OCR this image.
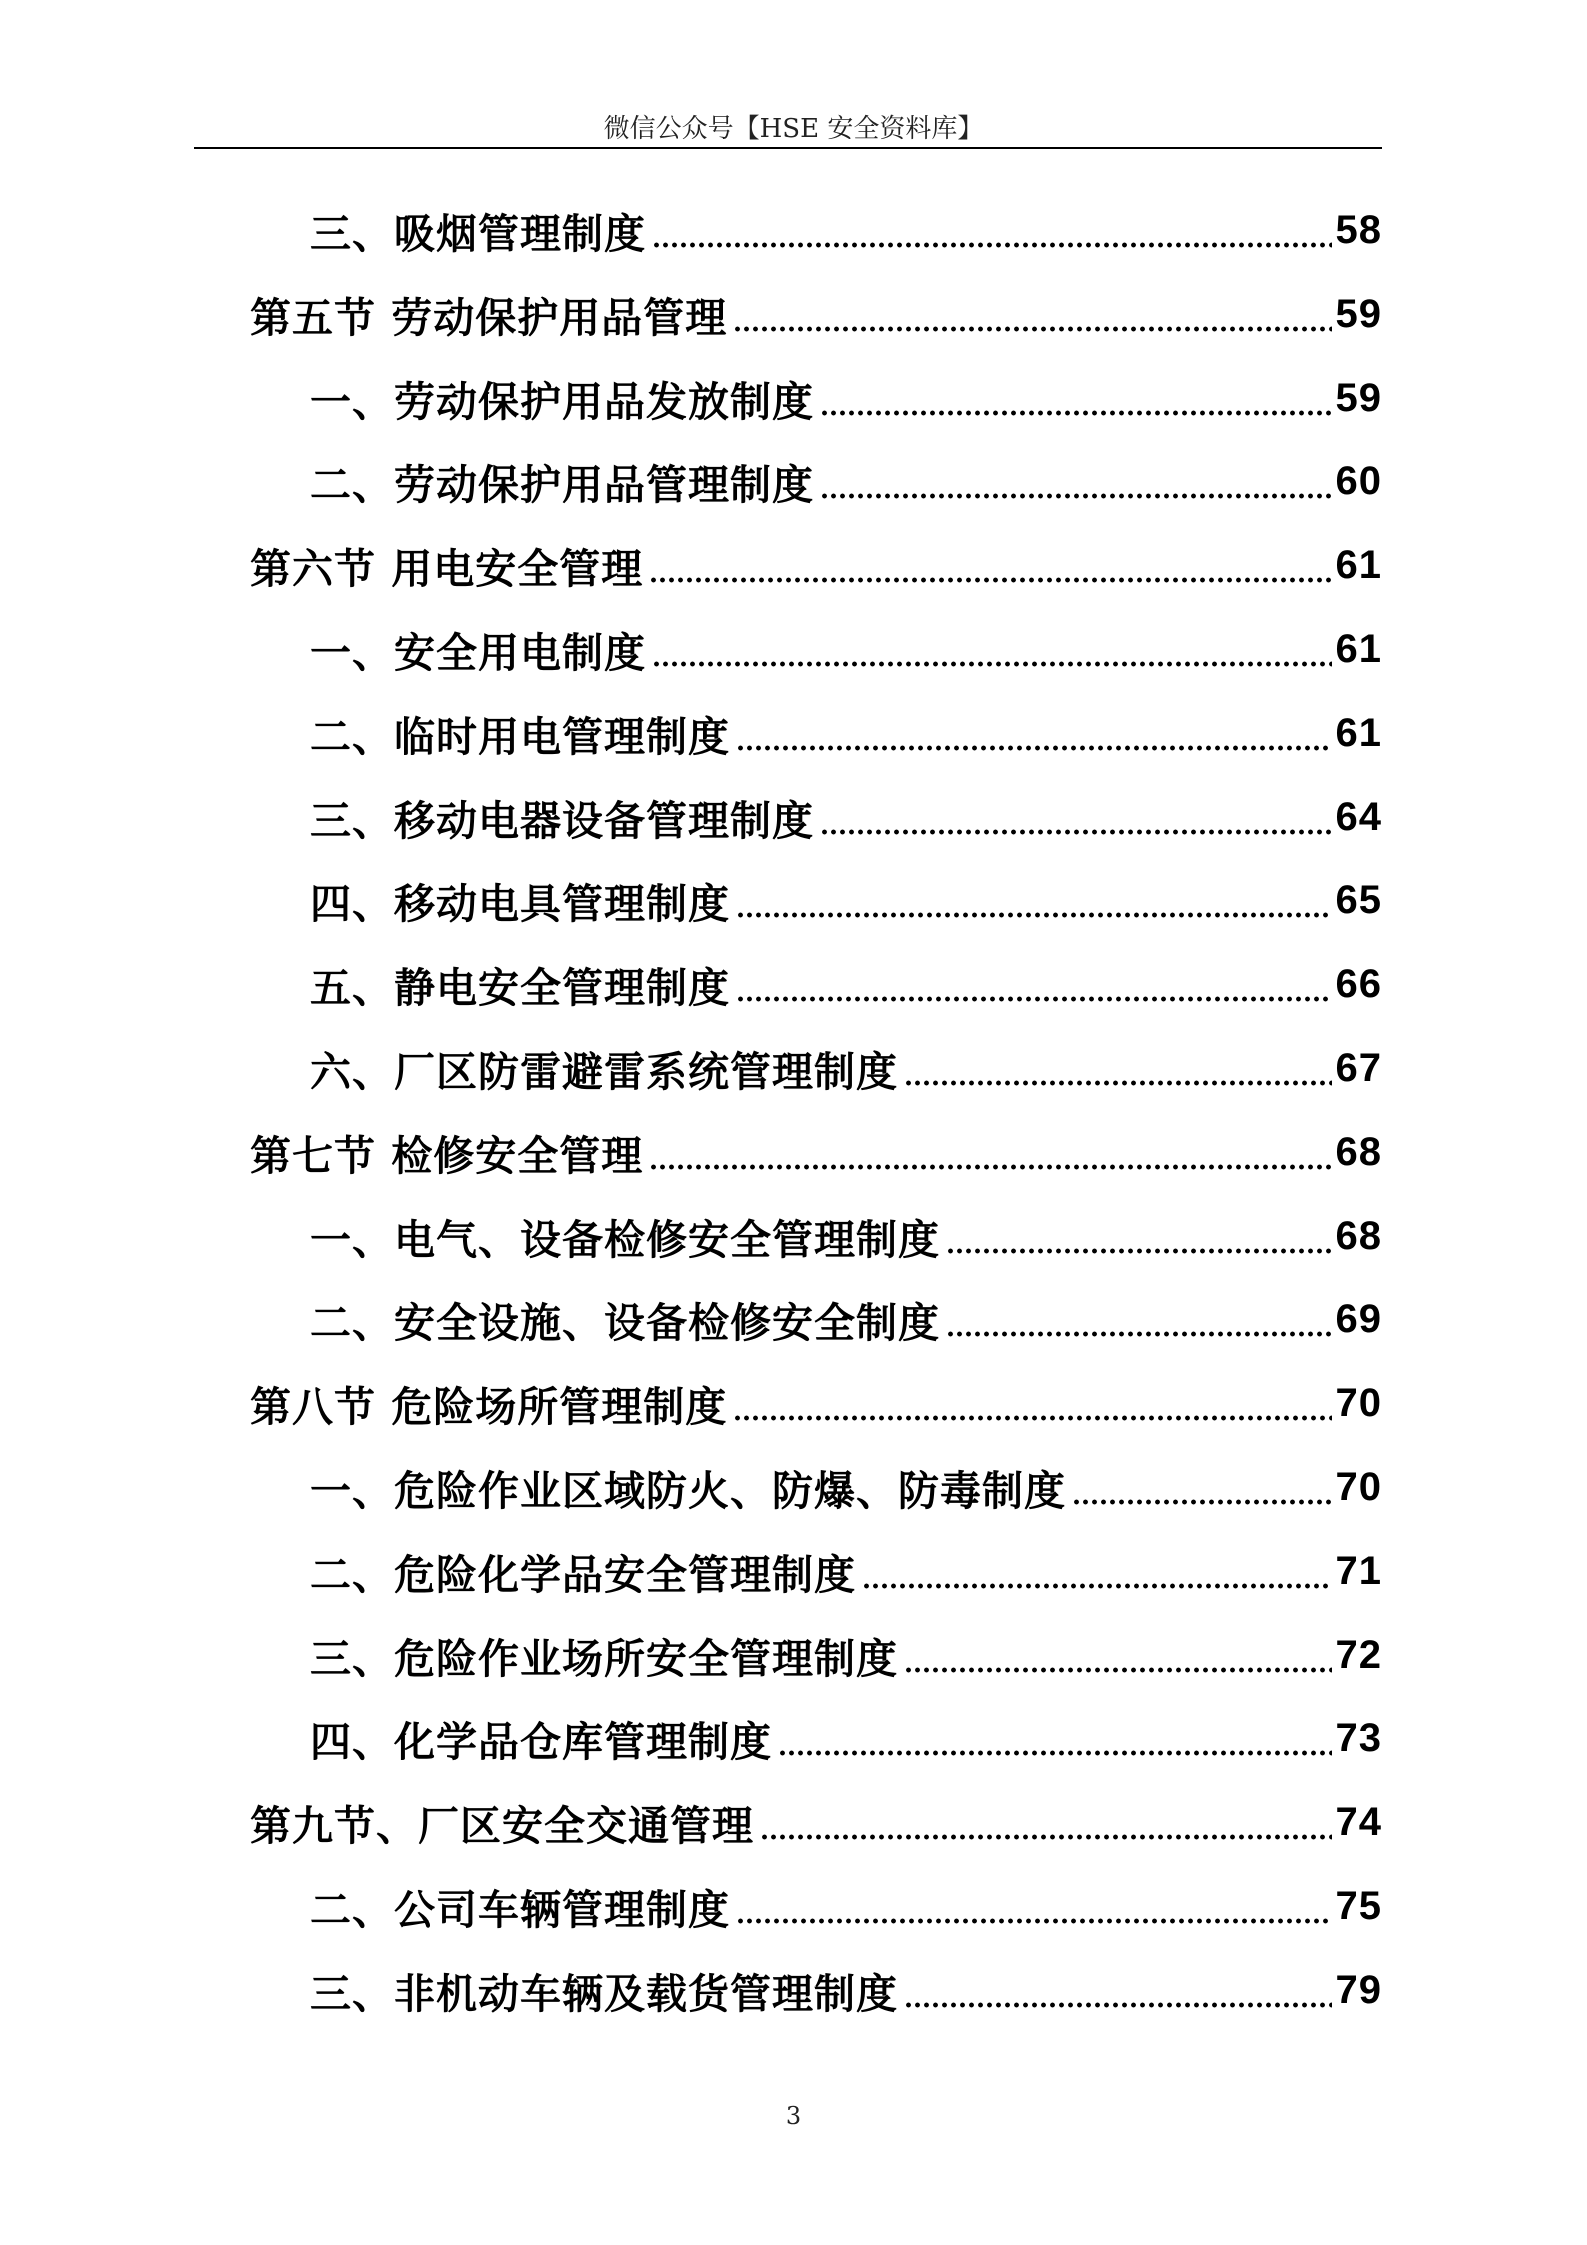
微信公众号【HSE 安全资料库】
三、吸烟管理制度	58
第五节 劳动保护用品管理	59
一、劳动保护用品发放制度	59
二、劳动保护用品管理制度	60
第六节 用电安全管理	61
一、安全用电制度	61
二、临时用电管理制度	61
三、移动电器设备管理制度	64
四、移动电具管理制度	65
五、静电安全管理制度	66
六、厂区防雷避雷系统管理制度	67
第七节 检修安全管理	68
一、电气、设备检修安全管理制度	68
二、安全设施、设备检修安全制度	69
第八节 危险场所管理制度	70
一、危险作业区域防火、防爆、防毒制度	70
二、危险化学品安全管理制度	71
三、危险作业场所安全管理制度	72
四、化学品仓库管理制度	73
第九节、厂区安全交通管理	74
二、公司车辆管理制度	75
三、非机动车辆及载货管理制度	79
3
